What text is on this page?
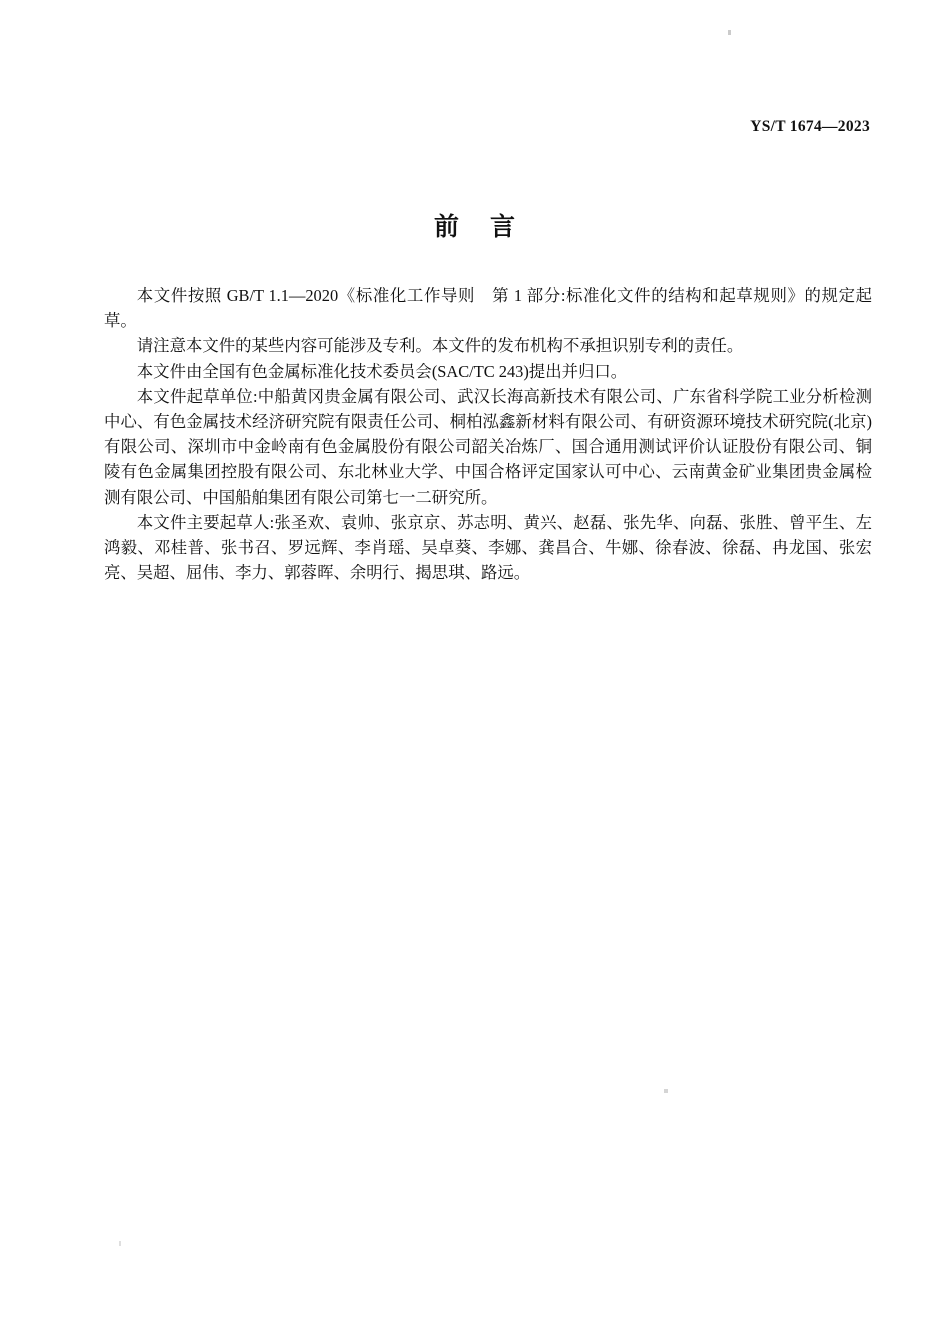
YS/T 1674—2023
前 言

本文件按照 GB/T 1.1—2020《标准化工作导则　第 1 部分:标准化文件的结构和起草规则》的规定起草。

请注意本文件的某些内容可能涉及专利。本文件的发布机构不承担识别专利的责任。

本文件由全国有色金属标准化技术委员会(SAC/TC 243)提出并归口。

本文件起草单位:中船黄冈贵金属有限公司、武汉长海高新技术有限公司、广东省科学院工业分析检测中心、有色金属技术经济研究院有限责任公司、桐柏泓鑫新材料有限公司、有研资源环境技术研究院(北京)有限公司、深圳市中金岭南有色金属股份有限公司韶关冶炼厂、国合通用测试评价认证股份有限公司、铜陵有色金属集团控股有限公司、东北林业大学、中国合格评定国家认可中心、云南黄金矿业集团贵金属检测有限公司、中国船舶集团有限公司第七一二研究所。

本文件主要起草人:张圣欢、袁帅、张京京、苏志明、黄兴、赵磊、张先华、向磊、张胜、曾平生、左鸿毅、邓桂普、张书召、罗远辉、李肖瑶、吴卓葵、李娜、龚昌合、牛娜、徐春波、徐磊、冉龙国、张宏亮、吴超、屈伟、李力、郭蓉晖、余明行、揭思琪、路远。
